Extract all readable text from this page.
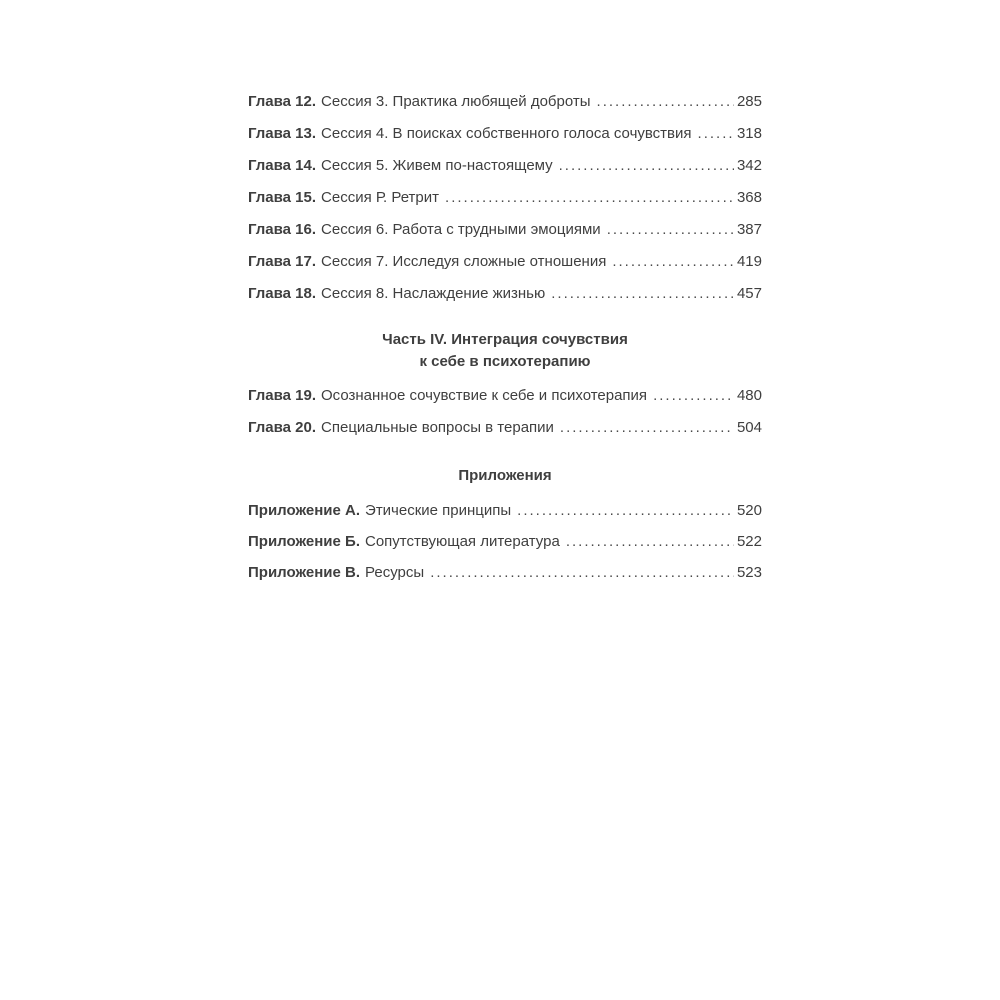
Глава 12. Сессия 3. Практика любящей доброты .....	285
Глава 13. Сессия 4. В поисках собственного голоса сочувствия .....	318
Глава 14. Сессия 5. Живем по-настоящему .....	342
Глава 15. Сессия Р. Ретрит .....	368
Глава 16. Сессия 6. Работа с трудными эмоциями .....	387
Глава 17. Сессия 7. Исследуя сложные отношения .....	419
Глава 18. Сессия 8. Наслаждение жизнью .....	457
Часть IV. Интеграция сочувствия
к себе в психотерапию
Глава 19. Осознанное сочувствие к себе и психотерапия .....	480
Глава 20. Специальные вопросы в терапии .....	504
Приложения
Приложение А. Этические принципы .....	520
Приложение Б. Сопутствующая литература .....	522
Приложение В. Ресурсы .....	523
